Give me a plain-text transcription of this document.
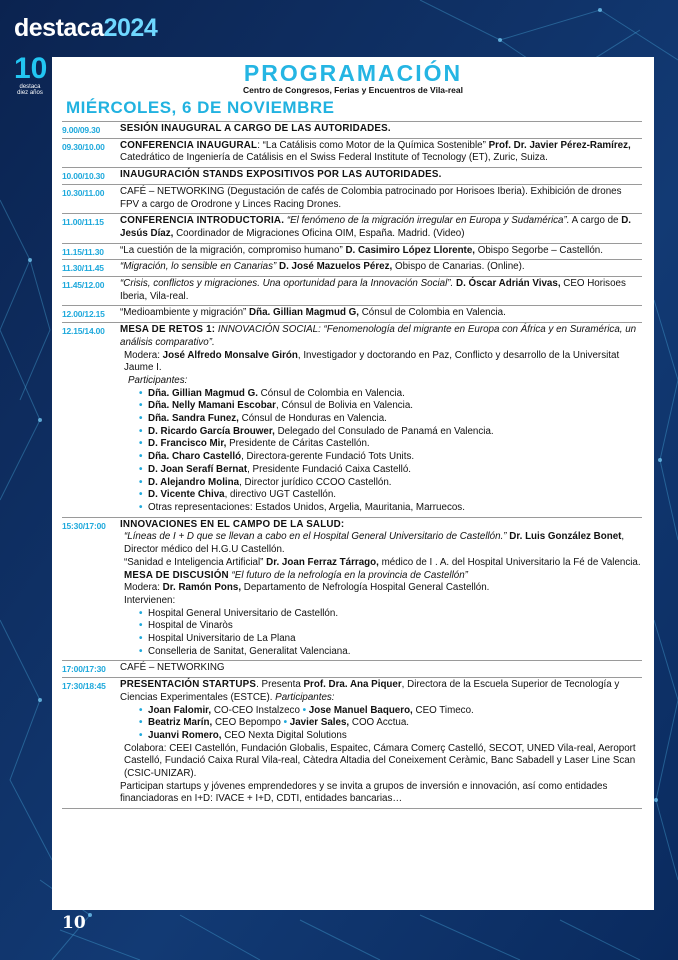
destaca2024
10
destaca diez años
PROGRAMACIÓN
Centro de Congresos, Ferias y Encuentros de Vila-real
MIÉRCOLES, 6 DE NOVIEMBRE
9.00/09.30	SESIÓN INAUGURAL A CARGO DE LAS AUTORIDADES.
09.30/10.00	CONFERENCIA INAUGURAL: “La Catálisis como Motor de la Química Sostenible” Prof. Dr. Javier Pérez-Ramírez, Catedrático de Ingeniería de Catálisis en el Swiss Federal Institute of Tecnology (ET), Zuric, Suiza.
10.00/10.30	INAUGURACIÓN STANDS EXPOSITIVOS POR LAS AUTORIDADES.
10.30/11.00	CAFÉ – NETWORKING (Degustación de cafés de Colombia patrocinado por Horisoes Iberia). Exhibición de drones FPV a cargo de Orodrone y Linces Racing Drones.
11.00/11.15	CONFERENCIA INTRODUCTORIA. “El fenómeno de la migración irregular en Europa y Sudamérica”. A cargo de D. Jesús Díaz, Coordinador de Migraciones Oficina OIM, España. Madrid. (Video)
11.15/11.30	“La cuestión de la migración, compromiso humano” D. Casimiro López Llorente, Obispo Segorbe – Castellón.
11.30/11.45	“Migración, lo sensible en Canarias” D. José Mazuelos Pérez, Obispo de Canarias. (Online).
11.45/12.00	“Crisis, conflictos y migraciones. Una oportunidad para la Innovación Social”. D. Óscar Adrián Vivas, CEO Horisoes Iberia, Vila-real.
12.00/12.15	“Medioambiente y migración” Dña. Gillian Magmud G, Cónsul de Colombia en Valencia.
12.15/14.00	MESA DE RETOS 1: INNOVACIÓN SOCIAL: “Fenomenología del migrante en Europa con África y en Suramérica, un análisis comparativo”.
Modera: José Alfredo Monsalve Girón, Investigador y doctorando en Paz, Conflicto y desarrollo de la Universitat Jaume I.
Participantes:
• Dña. Gillian Magmud G. Cónsul de Colombia en Valencia.
• Dña. Nelly Mamani Escobar, Cónsul de Bolivia en Valencia.
• Dña. Sandra Funez, Cónsul de Honduras en Valencia.
• D. Ricardo García Brouwer, Delegado del Consulado de Panamá en Valencia.
• D. Francisco Mir, Presidente de Cáritas Castellón.
• Dña. Charo Castelló, Directora-gerente Fundació Tots Units.
• D. Joan Serafí Bernat, Presidente Fundació Caixa Castelló.
• D. Alejandro Molina, Director jurídico CCOO Castellón.
• D. Vicente Chiva, directivo UGT Castellón.
• Otras representaciones: Estados Unidos, Argelia, Mauritania, Marruecos.
15:30/17:00	INNOVACIONES EN EL CAMPO DE LA SALUD:
“Líneas de I + D que se llevan a cabo en el Hospital General Universitario de Castellón.” Dr. Luis González Bonet, Director médico del H.G.U Castellón.
“Sanidad e Inteligencia Artificial” Dr. Joan Ferraz Tárrago, médico de I . A. del Hospital Universitario la Fé de Valencia.
MESA DE DISCUSIÓN “El futuro de la nefrología en la provincia de Castellón”
Modera: Dr. Ramón Pons, Departamento de Nefrología Hospital General Castellón.
Intervienen:
• Hospital General Universitario de Castellón.
• Hospital de Vinaròs
• Hospital Universitario de La Plana
• Conselleria de Sanitat, Generalitat Valenciana.
17:00/17:30	CAFÉ – NETWORKING
17:30/18:45	PRESENTACIÓN STARTUPS. Presenta Prof. Dra. Ana Piquer, Directora de la Escuela Superior de Tecnología y Ciencias Experimentales (ESTCE). Participantes:
• Joan Falomir, CO-CEO Instalzeco • Jose Manuel Baquero, CEO Timeco.
• Beatriz Marín, CEO Bepompo • Javier Sales, COO Acctua.
• Juanvi Romero, CEO Nexta Digital Solutions
Colabora: CEEI Castellón, Fundación Globalis, Espaitec, Cámara Comerç Castelló, SECOT, UNED Vila-real, Aeroport Castelló, Fundació Caixa Rural Vila-real, Càtedra Altadia del Coneixement Ceràmic, Banc Sabadell y Laser Line Scan (CSIC-UNIZAR).
Participan startups y jóvenes emprendedores y se invita a grupos de inversión e innovación, así como entidades financiadoras en I+D: IVACE + I+D, CDTI, entidades bancarias…
10
